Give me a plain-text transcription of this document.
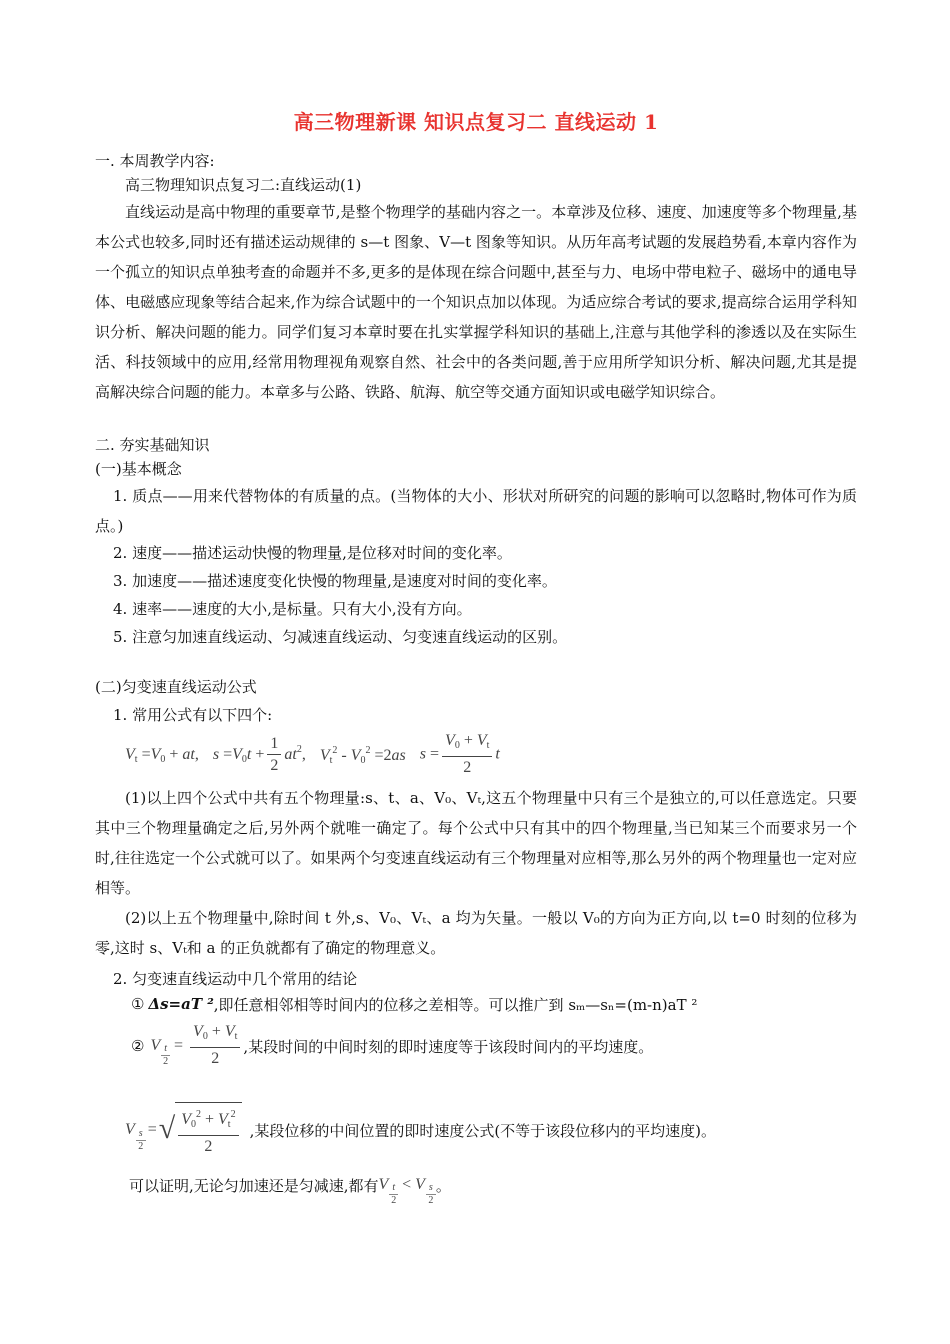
高三物理新课 知识点复习二 直线运动 1

一. 本周教学内容:

高三物理知识点复习二:直线运动(1)

直线运动是高中物理的重要章节,是整个物理学的基础内容之一。本章涉及位移、速度、加速度等多个物理量,基本公式也较多,同时还有描述运动规律的 s—t 图象、V—t 图象等知识。从历年高考试题的发展趋势看,本章内容作为一个孤立的知识点单独考查的命题并不多,更多的是体现在综合问题中,甚至与力、电场中带电粒子、磁场中的通电导体、电磁感应现象等结合起来,作为综合试题中的一个知识点加以体现。为适应综合考试的要求,提高综合运用学科知识分析、解决问题的能力。同学们复习本章时要在扎实掌握学科知识的基础上,注意与其他学科的渗透以及在实际生活、科技领域中的应用,经常用物理视角观察自然、社会中的各类问题,善于应用所学知识分析、解决问题,尤其是提高解决综合问题的能力。本章多与公路、铁路、航海、航空等交通方面知识或电磁学知识综合。

二. 夯实基础知识

(一)基本概念

1. 质点——用来代替物体的有质量的点。(当物体的大小、形状对所研究的问题的影响可以忽略时,物体可作为质点。)

2. 速度——描述运动快慢的物理量,是位移对时间的变化率。

3. 加速度——描述速度变化快慢的物理量,是速度对时间的变化率。

4. 速率——速度的大小,是标量。只有大小,没有方向。

5. 注意匀加速直线运动、匀减速直线运动、匀变速直线运动的区别。

(二)匀变速直线运动公式

1. 常用公式有以下四个:

$V_t =V_0$ + at , $s =V_0t + \frac{1}{2} at^2$ , $V_t^2 - V_0^2 =2as$ $s = \frac{V_0 + V_t}{2}$ t

(1)以上四个公式中共有五个物理量:s、t、a、V₀、Vₜ,这五个物理量中只有三个是独立的,可以任意选定。只要其中三个物理量确定之后,另外两个就唯一确定了。每个公式中只有其中的四个物理量,当已知某三个而要求另一个时,往往选定一个公式就可以了。如果两个匀变速直线运动有三个物理量对应相等,那么另外的两个物理量也一定对应相等。

(2)以上五个物理量中,除时间 t 外,s、V₀、Vₜ、a 均为矢量。一般以 V₀的方向为正方向,以 t=0 时刻的位移为零,这时 s、Vₜ和 a 的正负就都有了确定的物理意义。

2. 匀变速直线运动中几个常用的结论

① Δs=aT ² ,即任意相邻相等时间内的位移之差相等。可以推广到 sₘ—sₙ=(m-n)aT ²
② V $\frac{t}{2} = \frac{V_0 + V_t}{2}$ ,某段时间的中间时刻的即时速度等于该段时间内的平均速度。
V $\frac{s}{2}$ = √ $\frac{V_0^2 + V_t^2}{2}$ ,某段位移的中间位置的即时速度公式(不等于该段位移内的平均速度)。
可以证明,无论匀加速还是匀减速,都有 V $\frac{t}{2} < V \frac{s}{2}$ 。
